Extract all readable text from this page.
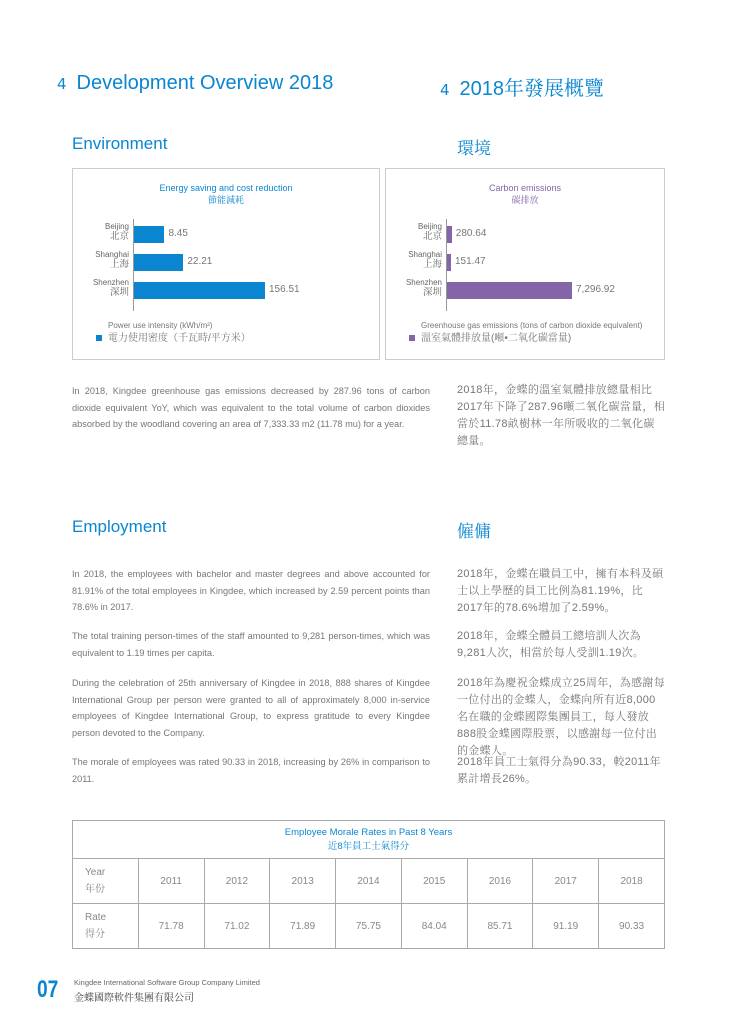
4 Development Overview 2018	4 2018年發展概覽
Environment	環境
Energy saving and cost reduction
節能減耗
Beijing
北京	8.45
Shanghai
上海	22.21
Shenzhen
深圳	156.51
Power use intensity (kWh/m²)
電力使用密度（千瓦時/平方米）
Carbon emissions
碳排放
Beijing
北京 280.64
Shanghai
上海 151.47
Shenzhen
深圳	7,296.92
Greenhouse gas emissions (tons of carbon dioxide equivalent)
溫室氣體排放量(噸•二氧化碳當量)
In 2018, Kingdee greenhouse gas emissions decreased by 287.96 tons of carbon dioxide equivalent YoY, which was equivalent to the total volume of carbon dioxides absorbed by the woodland covering an area of 7,333.33 m2 (11.78 mu) for a year.
2018年，金蝶的溫室氣體排放總量相比2017年下降了287.96噸二氧化碳當量，相當於11.78畝樹林一年所吸收的二氧化碳總量。
Employment	僱傭
In 2018, the employees with bachelor and master degrees and above accounted for 81.91% of the total employees in Kingdee, which increased by 2.59 percent points than 78.6% in 2017.
The total training person-times of the staff amounted to 9,281 person-times, which was equivalent to 1.19 times per capita.
During the celebration of 25th anniversary of Kingdee in 2018, 888 shares of Kingdee International Group per person were granted to all of approximately 8,000 in-service employees of Kingdee International Group, to express gratitude to every Kingdee person devoted to the Company.
The morale of employees was rated 90.33 in 2018, increasing by 26% in comparison to 2011.
2018年，金蝶在職員工中，擁有本科及碩士以上學歷的員工比例為81.19%，比2017年的78.6%增加了2.59%。
2018年，金蝶全體員工總培訓人次為9,281人次，相當於每人受訓1.19次。
2018年為慶祝金蝶成立25周年，為感謝每一位付出的金蝶人，金蝶向所有近8,000名在職的金蝶國際集團員工，每人發放888股金蝶國際股票，以感謝每一位付出的金蝶人。
2018年員工士氣得分為90.33，較2011年累計增長26%。
Employee Morale Rates in Past 8 Years
近8年員工士氣得分								

Year
年份	2011	2012	2013	2014	2015	2016	2017	2018

Rate
得分	71.78	71.02	71.89	75.75	84.04	85.71	91.19	90.33
07 Kingdee International Software Group Company Limited
金蝶國際軟件集團有限公司
